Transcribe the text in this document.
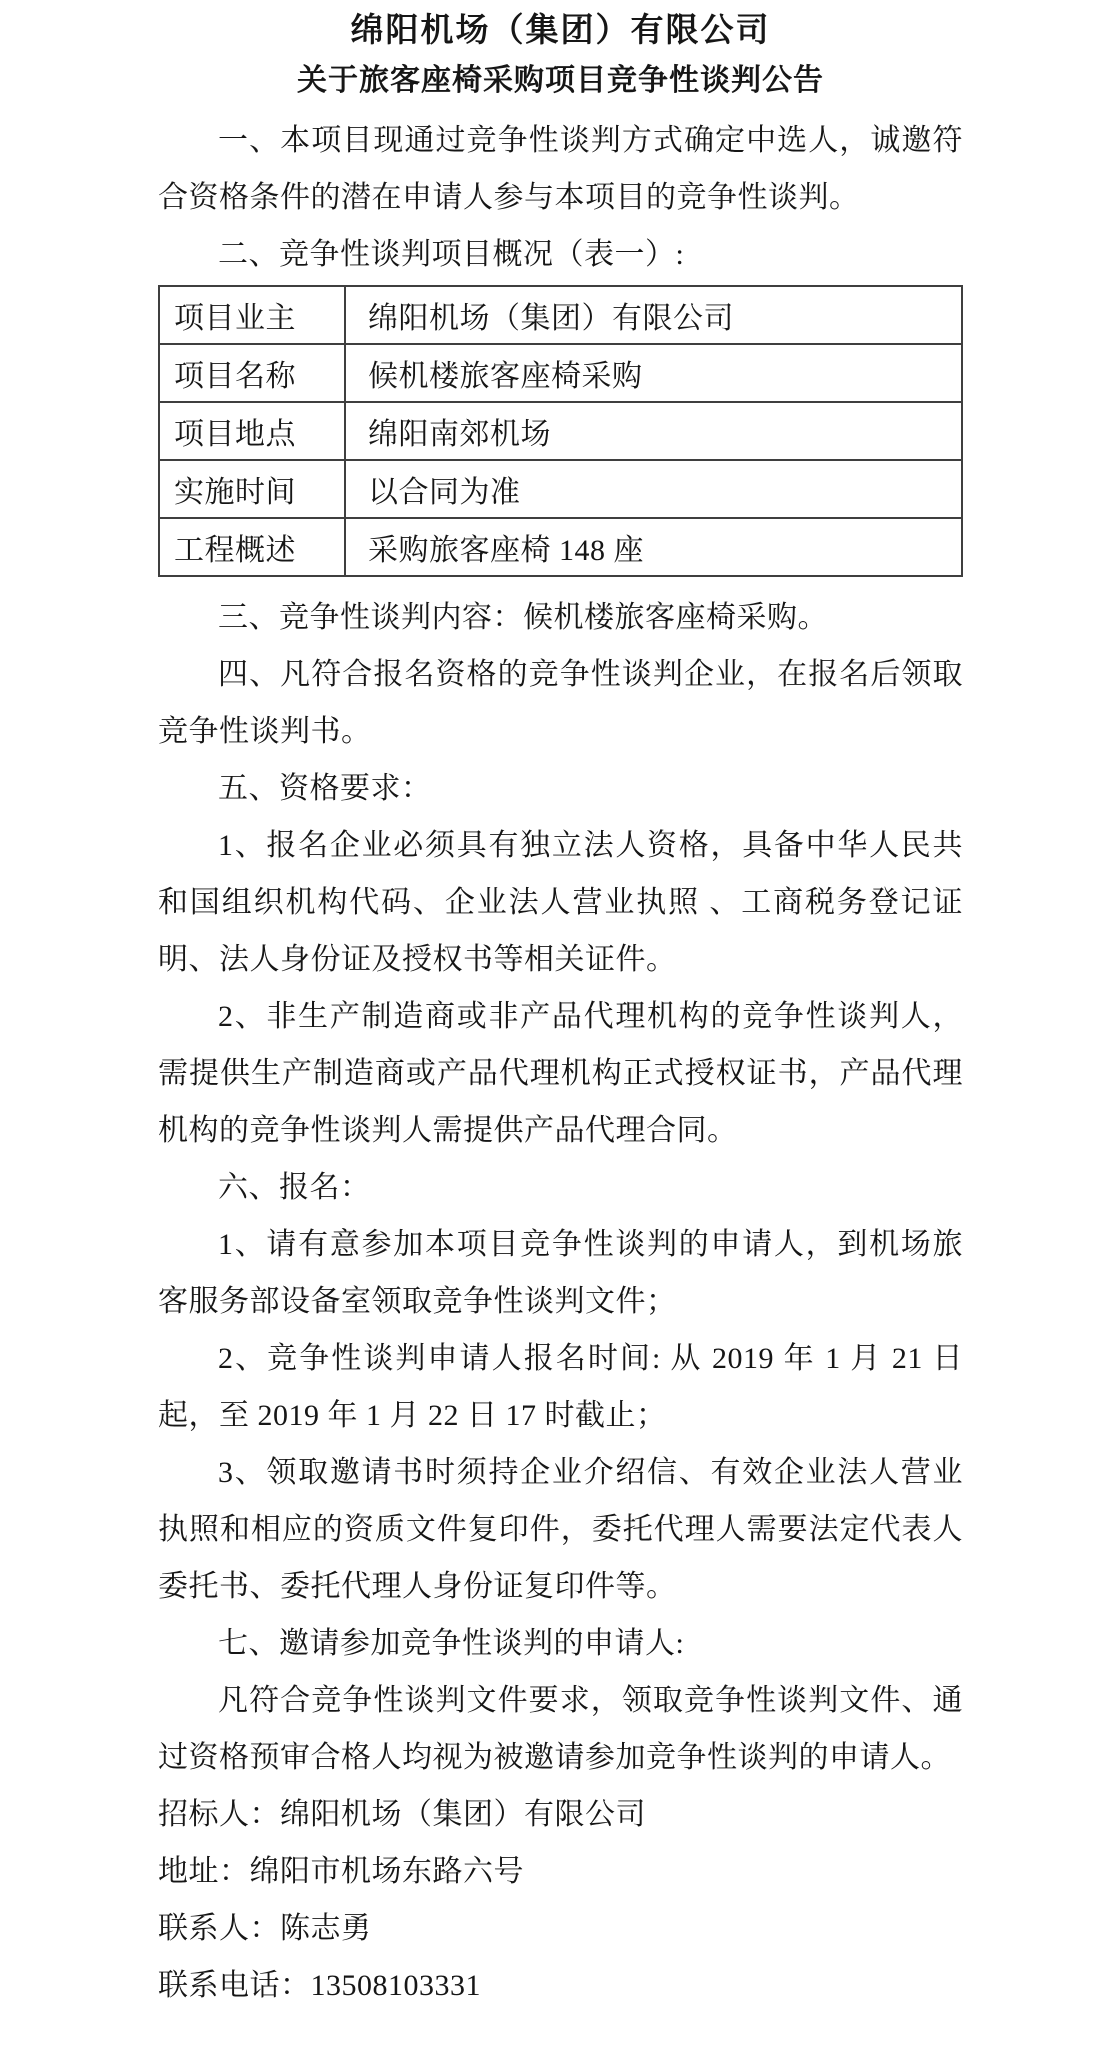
绵阳机场（集团）有限公司
关于旅客座椅采购项目竞争性谈判公告

一、本项目现通过竞争性谈判方式确定中选人，诚邀符合资格条件的潜在申请人参与本项目的竞争性谈判。

二、竞争性谈判项目概况（表一）:

项目业主	绵阳机场（集团）有限公司
项目名称	候机楼旅客座椅采购
项目地点	绵阳南郊机场
实施时间	以合同为准
工程概述	采购旅客座椅 148 座

三、竞争性谈判内容：候机楼旅客座椅采购。

四、凡符合报名资格的竞争性谈判企业，在报名后领取竞争性谈判书。

五、资格要求：

1、报名企业必须具有独立法人资格，具备中华人民共和国组织机构代码、企业法人营业执照 、工商税务登记证明、法人身份证及授权书等相关证件。

2、非生产制造商或非产品代理机构的竞争性谈判人，需提供生产制造商或产品代理机构正式授权证书，产品代理机构的竞争性谈判人需提供产品代理合同。

六、报名：

1、请有意参加本项目竞争性谈判的申请人，到机场旅客服务部设备室领取竞争性谈判文件；

2、竞争性谈判申请人报名时间: 从 2019 年 1 月 21 日起，至 2019 年 1 月 22 日 17 时截止；

3、领取邀请书时须持企业介绍信、有效企业法人营业执照和相应的资质文件复印件，委托代理人需要法定代表人委托书、委托代理人身份证复印件等。

七、邀请参加竞争性谈判的申请人:

凡符合竞争性谈判文件要求，领取竞争性谈判文件、通过资格预审合格人均视为被邀请参加竞争性谈判的申请人。

招标人：绵阳机场（集团）有限公司

地址：绵阳市机场东路六号

联系人：陈志勇

联系电话：13508103331
